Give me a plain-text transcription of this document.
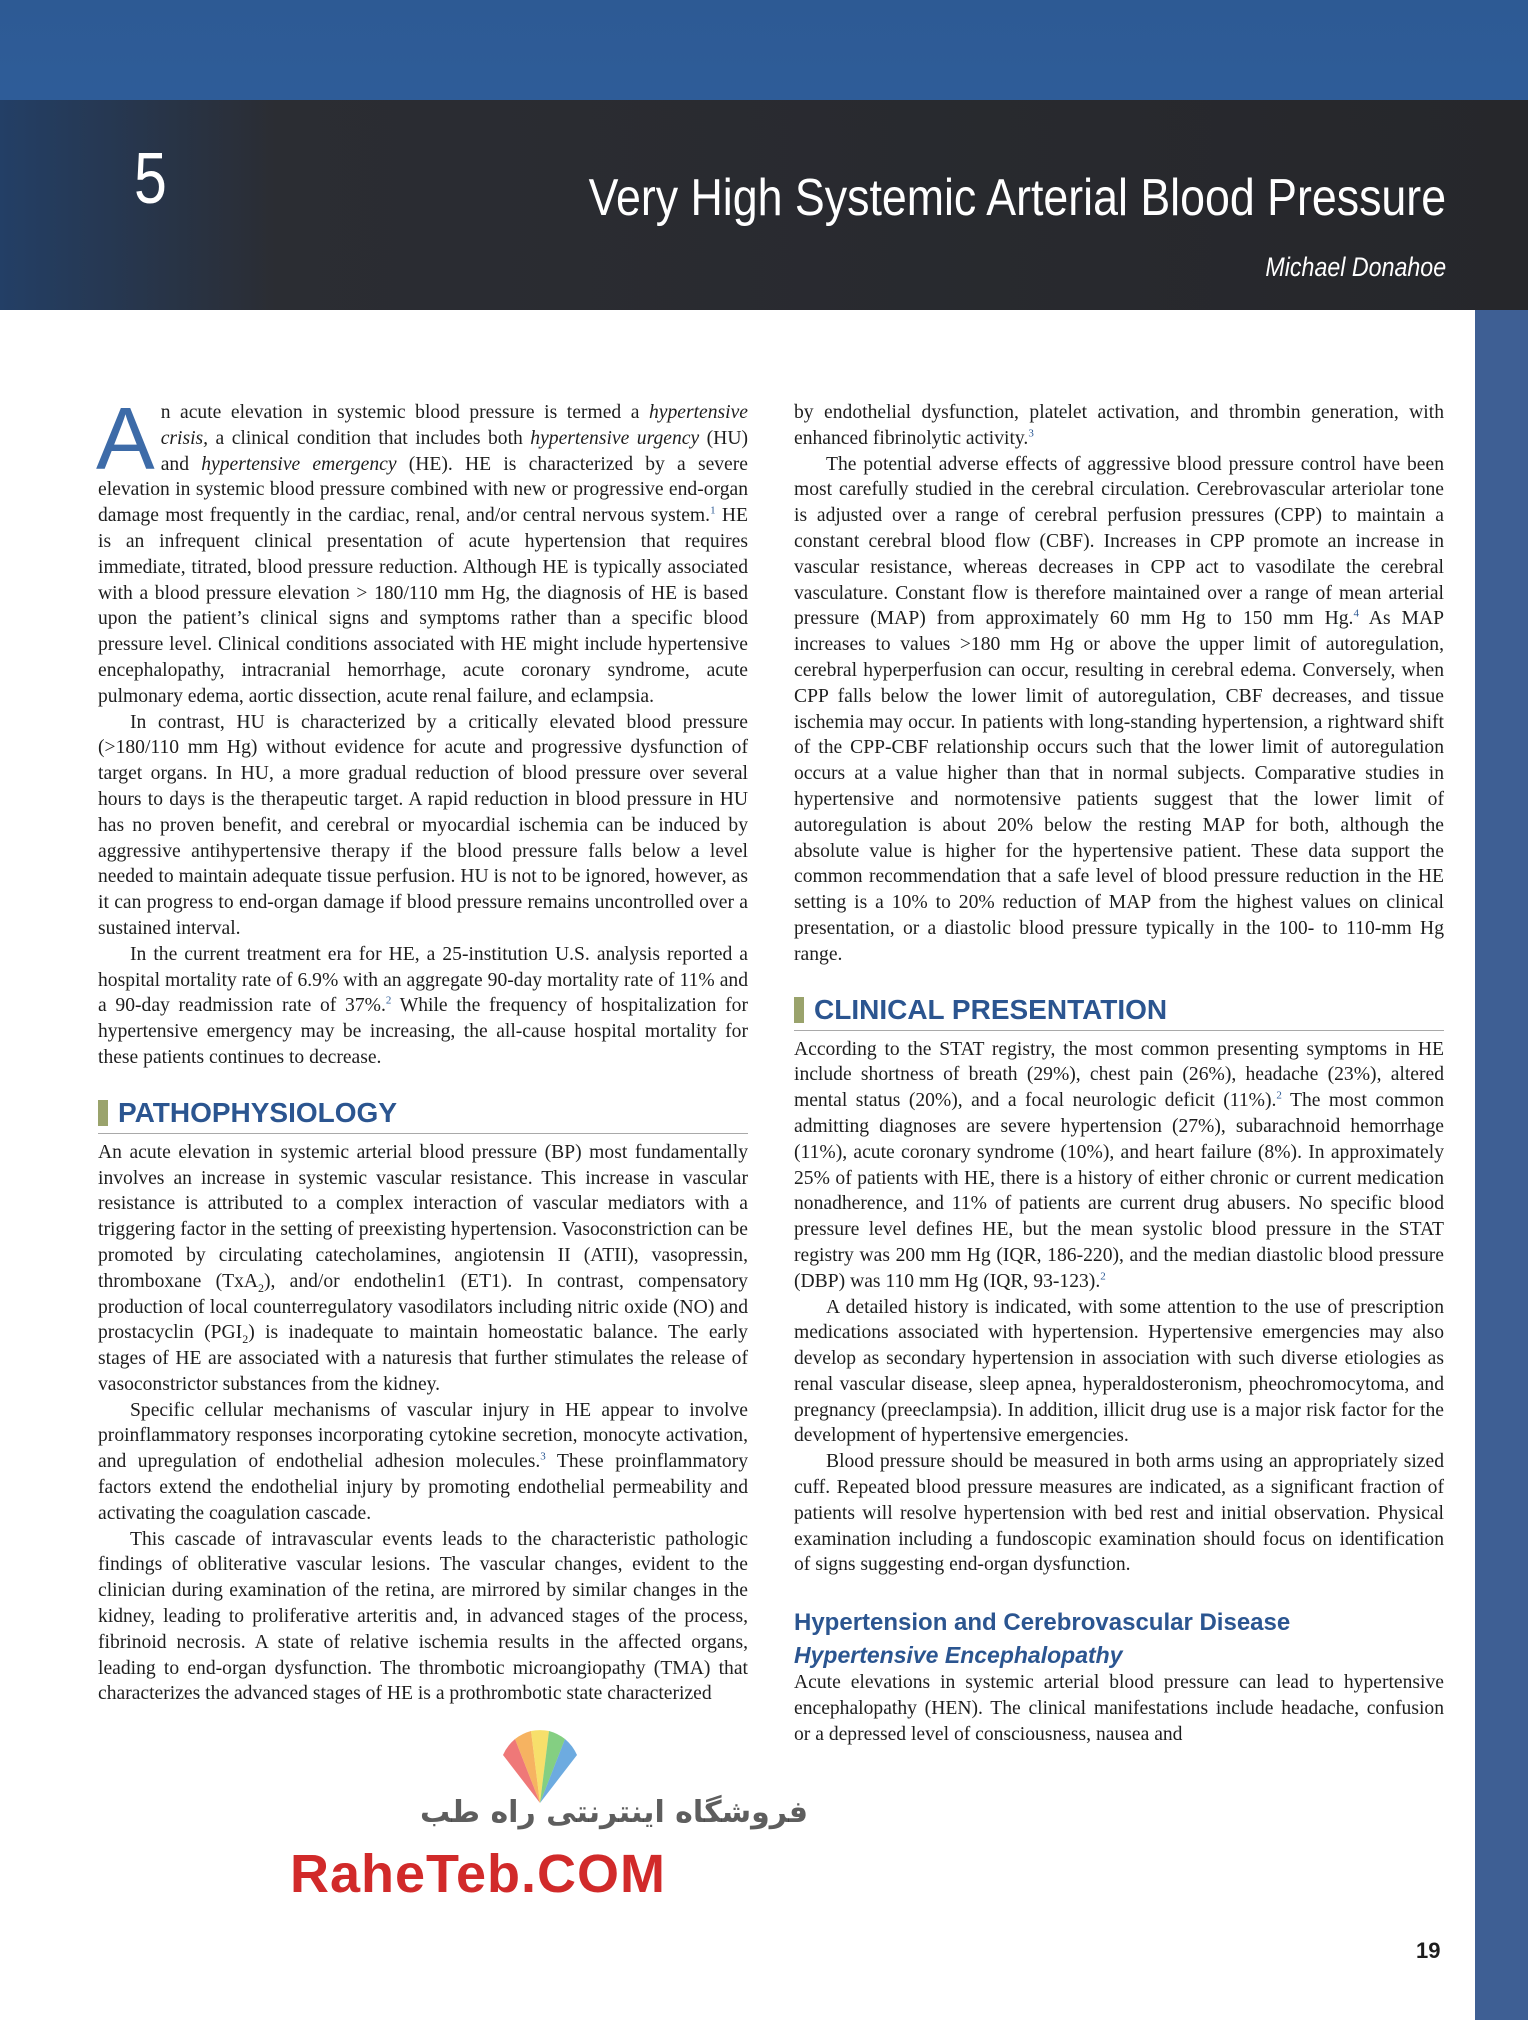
5	Very High Systemic Arterial Blood Pressure
Michael Donahoe

An acute elevation in systemic blood pressure is termed a hypertensive crisis, a clinical condition that includes both hypertensive urgency (HU) and hypertensive emergency (HE). HE is characterized by a severe elevation in systemic blood pressure combined with new or progressive end-organ damage most frequently in the cardiac, renal, and/or central nervous system.$^1$ HE is an infrequent clinical presentation of acute hypertension that requires immediate, titrated, blood pressure reduction. Although HE is typically associated with a blood pressure elevation > 180/110 mm Hg, the diagnosis of HE is based upon the patient’s clinical signs and symptoms rather than a specific blood pressure level. Clinical conditions associated with HE might include hypertensive encephalopathy, intracranial hemorrhage, acute coronary syndrome, acute pulmonary edema, aortic dissection, acute renal failure, and eclampsia.

In contrast, HU is characterized by a critically elevated blood pressure (>180/110 mm Hg) without evidence for acute and progressive dysfunction of target organs. In HU, a more gradual reduction of blood pressure over several hours to days is the therapeutic target. A rapid reduction in blood pressure in HU has no proven benefit, and cerebral or myocardial ischemia can be induced by aggressive antihypertensive therapy if the blood pressure falls below a level needed to maintain adequate tissue perfusion. HU is not to be ignored, however, as it can progress to end-organ damage if blood pressure remains uncontrolled over a sustained interval.

In the current treatment era for HE, a 25-institution U.S. analysis reported a hospital mortality rate of 6.9% with an aggregate 90-day mortality rate of 11% and a 90-day readmission rate of 37%.$^2$ While the frequency of hospitalization for hypertensive emergency may be increasing, the all-cause hospital mortality for these patients continues to decrease.

PATHOPHYSIOLOGY

An acute elevation in systemic arterial blood pressure (BP) most fundamentally involves an increase in systemic vascular resistance. This increase in vascular resistance is attributed to a complex interaction of vascular mediators with a triggering factor in the setting of preexisting hypertension. Vasoconstriction can be promoted by circulating catecholamines, angiotensin II (ATII), vasopressin, thromboxane (TxA$_2$), and/or endothelin1 (ET1). In contrast, compensatory production of local counterregulatory vasodilators including nitric oxide (NO) and prostacyclin $(PGI_2)$ is inadequate to maintain homeostatic balance. The early stages of HE are associated with a naturesis that further stimulates the release of vasoconstrictor substances from the kidney.

Specific cellular mechanisms of vascular injury in HE appear to involve proinflammatory responses incorporating cytokine secretion, monocyte activation, and upregulation of endothelial adhesion molecules.$^3$ These proinflammatory factors extend the endothelial injury by promoting endothelial permeability and activating the coagulation cascade.

This cascade of intravascular events leads to the characteristic pathologic findings of obliterative vascular lesions. The vascular changes, evident to the clinician during examination of the retina, are mirrored by similar changes in the kidney, leading to proliferative arteritis and, in advanced stages of the process, fibrinoid necrosis. A state of relative ischemia results in the affected organs, leading to end-organ dysfunction. The thrombotic microangiopathy (TMA) that characterizes the advanced stages of HE is a prothrombotic state characterized

by endothelial dysfunction, platelet activation, and thrombin generation, with enhanced fibrinolytic activity.$^3$

The potential adverse effects of aggressive blood pressure control have been most carefully studied in the cerebral circulation. Cerebrovascular arteriolar tone is adjusted over a range of cerebral perfusion pressures (CPP) to maintain a constant cerebral blood flow (CBF). Increases in CPP promote an increase in vascular resistance, whereas decreases in CPP act to vasodilate the cerebral vasculature. Constant flow is therefore maintained over a range of mean arterial pressure (MAP) from approximately 60 mm Hg to 150 mm Hg.$^4$ As MAP increases to values >180 mm Hg or above the upper limit of autoregulation, cerebral hyperperfusion can occur, resulting in cerebral edema. Conversely, when CPP falls below the lower limit of autoregulation, CBF decreases, and tissue ischemia may occur. In patients with long-standing hypertension, a rightward shift of the CPP-CBF relationship occurs such that the lower limit of autoregulation occurs at a value higher than that in normal subjects. Comparative studies in hypertensive and normotensive patients suggest that the lower limit of autoregulation is about 20% below the resting MAP for both, although the absolute value is higher for the hypertensive patient. These data support the common recommendation that a safe level of blood pressure reduction in the HE setting is a 10% to 20% reduction of MAP from the highest values on clinical presentation, or a diastolic blood pressure typically in the 100- to 110-mm Hg range.

CLINICAL PRESENTATION

According to the STAT registry, the most common presenting symptoms in HE include shortness of breath (29%), chest pain (26%), headache (23%), altered mental status (20%), and a focal neurologic deficit (11%).$^2$ The most common admitting diagnoses are severe hypertension (27%), subarachnoid hemorrhage (11%), acute coronary syndrome (10%), and heart failure (8%). In approximately 25% of patients with HE, there is a history of either chronic or current medication nonadherence, and 11% of patients are current drug abusers. No specific blood pressure level defines HE, but the mean systolic blood pressure in the STAT registry was 200 mm Hg (IQR, 186-220), and the median diastolic blood pressure (DBP) was 110 mm Hg (IQR, 93-123).$^2$

A detailed history is indicated, with some attention to the use of prescription medications associated with hypertension. Hypertensive emergencies may also develop as secondary hypertension in association with such diverse etiologies as renal vascular disease, sleep apnea, hyperaldosteronism, pheochromocytoma, and pregnancy (preeclampsia). In addition, illicit drug use is a major risk factor for the development of hypertensive emergencies.

Blood pressure should be measured in both arms using an appropriately sized cuff. Repeated blood pressure measures are indicated, as a significant fraction of patients will resolve hypertension with bed rest and initial observation. Physical examination including a fundoscopic examination should focus on identification of signs suggesting end-organ dysfunction.

Hypertension and Cerebrovascular Disease
Hypertensive Encephalopathy

Acute elevations in systemic arterial blood pressure can lead to hypertensive encephalopathy (HEN). The clinical manifestations include headache, confusion or a depressed level of consciousness, nausea and

19
فروشگاه اینترنتی راه طب
RaheTeb.COM
